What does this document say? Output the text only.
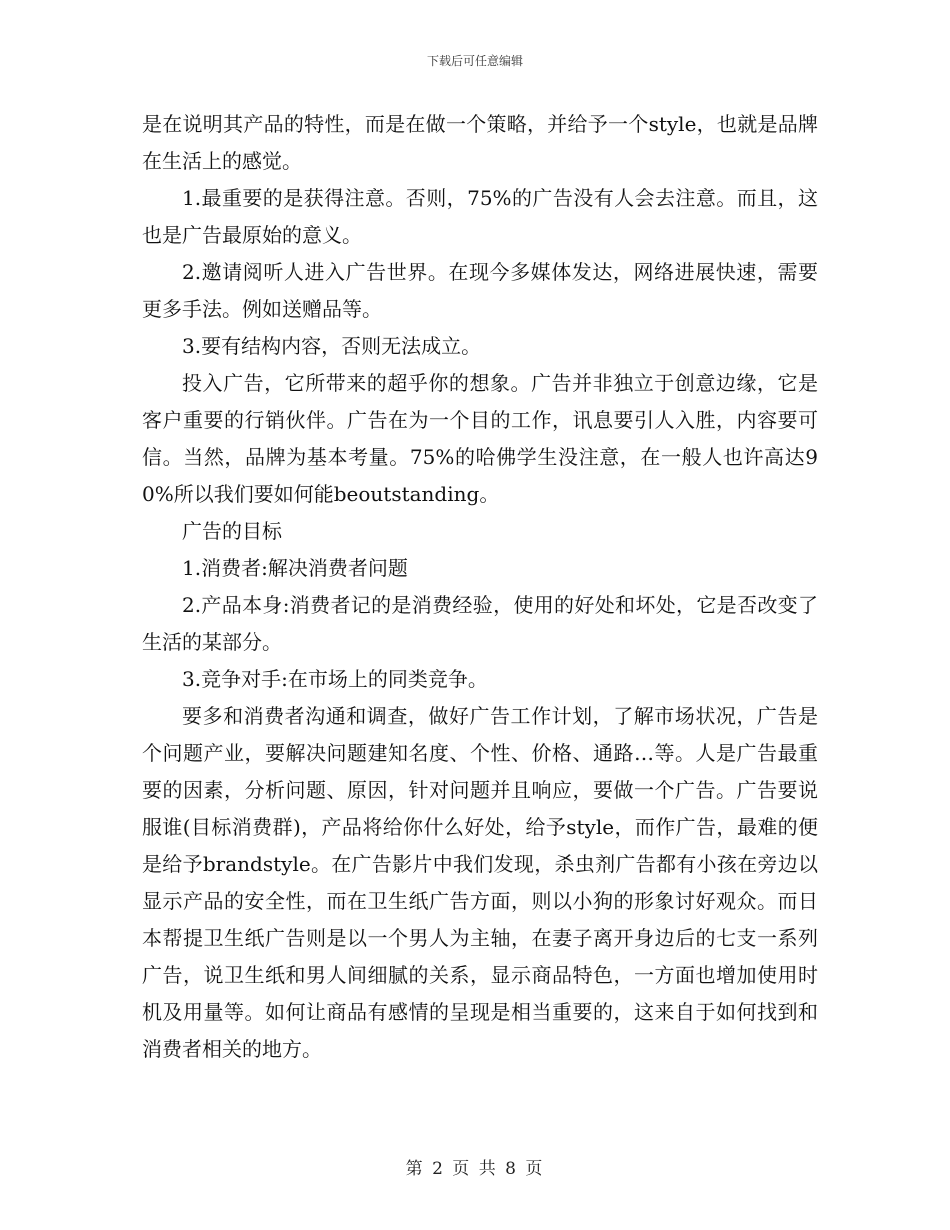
下载后可任意编辑

是在说明其产品的特性，而是在做一个策略，并给予一个style，也就是品牌在生活上的感觉。

1.最重要的是获得注意。否则，75%的广告没有人会去注意。而且，这也是广告最原始的意义。

2.邀请阅听人进入广告世界。在现今多媒体发达，网络进展快速，需要更多手法。例如送赠品等。

3.要有结构内容，否则无法成立。

投入广告，它所带来的超乎你的想象。广告并非独立于创意边缘，它是客户重要的行销伙伴。广告在为一个目的工作，讯息要引人入胜，内容要可信。当然，品牌为基本考量。75%的哈佛学生没注意，在一般人也许高达90%所以我们要如何能beoutstanding。

广告的目标

1.消费者:解决消费者问题

2.产品本身:消费者记的是消费经验，使用的好处和坏处，它是否改变了生活的某部分。

3.竞争对手:在市场上的同类竞争。

要多和消费者沟通和调查，做好广告工作计划，了解市场状况，广告是个问题产业，要解决问题建知名度、个性、价格、通路…等。人是广告最重要的因素，分析问题、原因，针对问题并且响应，要做一个广告。广告要说服谁(目标消费群)，产品将给你什么好处，给予style，而作广告，最难的便是给予brandstyle。在广告影片中我们发现，杀虫剂广告都有小孩在旁边以显示产品的安全性，而在卫生纸广告方面，则以小狗的形象讨好观众。而日本帮提卫生纸广告则是以一个男人为主轴，在妻子离开身边后的七支一系列广告，说卫生纸和男人间细腻的关系，显示商品特色，一方面也增加使用时机及用量等。如何让商品有感情的呈现是相当重要的，这来自于如何找到和消费者相关的地方。

第 2 页 共 8 页
